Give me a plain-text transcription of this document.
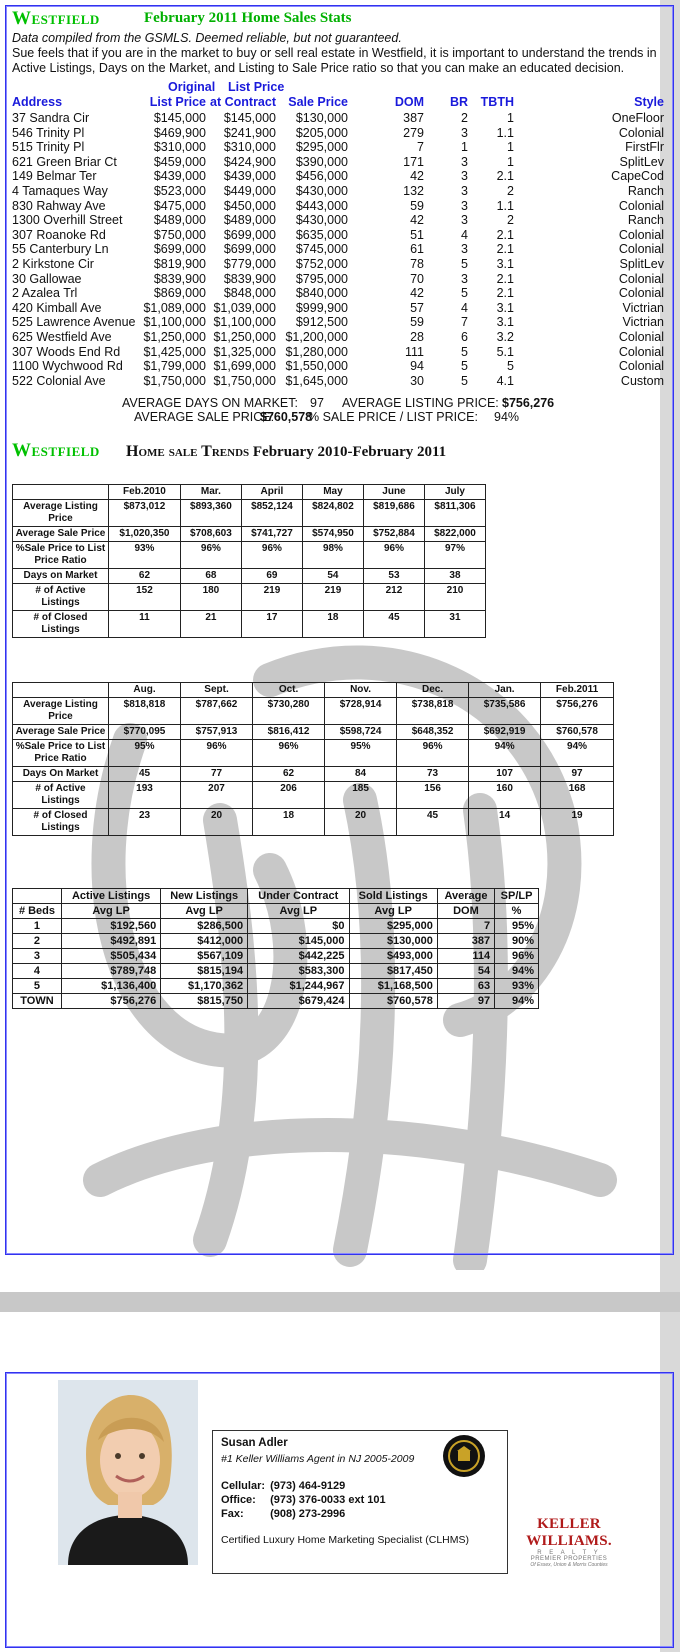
Westfield	February 2011 Home Sales Stats
Data compiled from the GSMLS. Deemed reliable, but not guaranteed.
Sue feels that if you are in the market to buy or sell real estate in Westfield, it is important to understand the trends in Active Listings, Days on the Market, and Listing to Sale Price ratio so that you can make an educated decision.
Original List Price
Address	List Price at Contract Sale Price	DOM BR TBTH	Style
37 Sandra Cir	$145,000 $145,000 $130,000	387	2	1	OneFloor
546 Trinity Pl	$469,900 $241,900 $205,000	279	3 1.1	Colonial
515 Trinity Pl	$310,000 $310,000 $295,000	7	1	1	FirstFlr
621 Green Briar Ct	$459,000 $424,900 $390,000	171	3	1	SplitLev
149 Belmar Ter	$439,000 $439,000 $456,000	42	3 2.1	CapeCod
4 Tamaques Way	$523,000 $449,000 $430,000	132	3	2	Ranch
830 Rahway Ave	$475,000 $450,000 $443,000	59	3 1.1	Colonial
1300 Overhill Street	$489,000 $489,000 $430,000	42	3	2	Ranch
307 Roanoke Rd	$750,000 $699,000 $635,000	51	4 2.1	Colonial
55 Canterbury Ln	$699,000 $699,000 $745,000	61	3 2.1	Colonial
2 Kirkstone Cir	$819,900 $779,000 $752,000	78	5 3.1	SplitLev
30 Gallowae	$839,900 $839,900 $795,000	70	3 2.1	Colonial
2 Azalea Trl	$869,000 $848,000 $840,000	42	5 2.1	Colonial
420 Kimball Ave	$1,089,000 $1,039,000 $999,900	57	4 3.1	Victrian
525 Lawrence Avenue $1,100,000 $1,100,000 $912,500	59	7 3.1	Victrian
625 Westfield Ave	$1,250,000 $1,250,000 $1,200,000	28	6 3.2	Colonial
307 Woods End Rd $1,425,000 $1,325,000 $1,280,000	111	5 5.1	Colonial
1100 Wychwood Rd $1,799,000 $1,699,000 $1,550,000	94	5	5	Colonial
522 Colonial Ave	$1,750,000 $1,750,000 $1,645,000	30	5 4.1	Custom
AVERAGE DAYS ON MARKET: 97 AVERAGE LISTING PRICE: $756,276
AVERAGE SALE PRICE:
$760,578
% SALE PRICE / LIST PRICE: 94%
Westfield Home sale Trends February 2010-February 2011
	Feb.2010	Mar.	April	May	June	July
Average Listing Price	$873,012	$893,360	$852,124	$824,802	$819,686	$811,306
Average Sale Price	$1,020,350	$708,603	$741,727	$574,950	$752,884	$822,000
%Sale Price to List Price Ratio	93%	96%	96%	98%	96%	97%
Days on Market	62	68	69	54	53	38
# of Active Listings	152	180	219	219	212	210
# of Closed Listings	11	21	17	18	45	31
	Aug.	Sept.	Oct.	Nov.	Dec.	Jan.	Feb.2011
Average Listing Price	$818,818	$787,662	$730,280	$728,914	$738,818	$735,586	$756,276
Average Sale Price	$770,095	$757,913	$816,412	$598,724	$648,352	$692,919	$760,578
%Sale Price to List Price Ratio	95%	96%	96%	95%	96%	94%	94%
Days On Market	45	77	62	84	73	107	97
# of Active Listings	193	207	206	185	156	160	168
# of Closed Listings	23	20	18	20	45	14	19
	Active Listings	New Listings	Under Contract	Sold Listings	Average	SP/LP
# Beds	Avg LP	Avg LP	Avg LP	Avg LP	DOM	%
1	$192,560	$286,500	$0	$295,000	7	95%
2	$492,891	$412,000	$145,000	$130,000	387	90%
3	$505,434	$567,109	$442,225	$493,000	114	96%
4	$789,748	$815,194	$583,300	$817,450	54	94%
5	$1,136,400	$1,170,362	$1,244,967	$1,168,500	63	93%
TOWN	$756,276	$815,750	$679,424	$760,578	97	94%
Susan Adler
#1 Keller Williams Agent in NJ 2005-2009
Cellular: (973) 464-9129
Office: (973) 376-0033 ext 101
Fax: (908) 273-2996
Certified Luxury Home Marketing Specialist (CLHMS)
KELLER WILLIAMS.
R E A L T Y
PREMIER PROPERTIES
Of Essex, Union & Morris Counties
